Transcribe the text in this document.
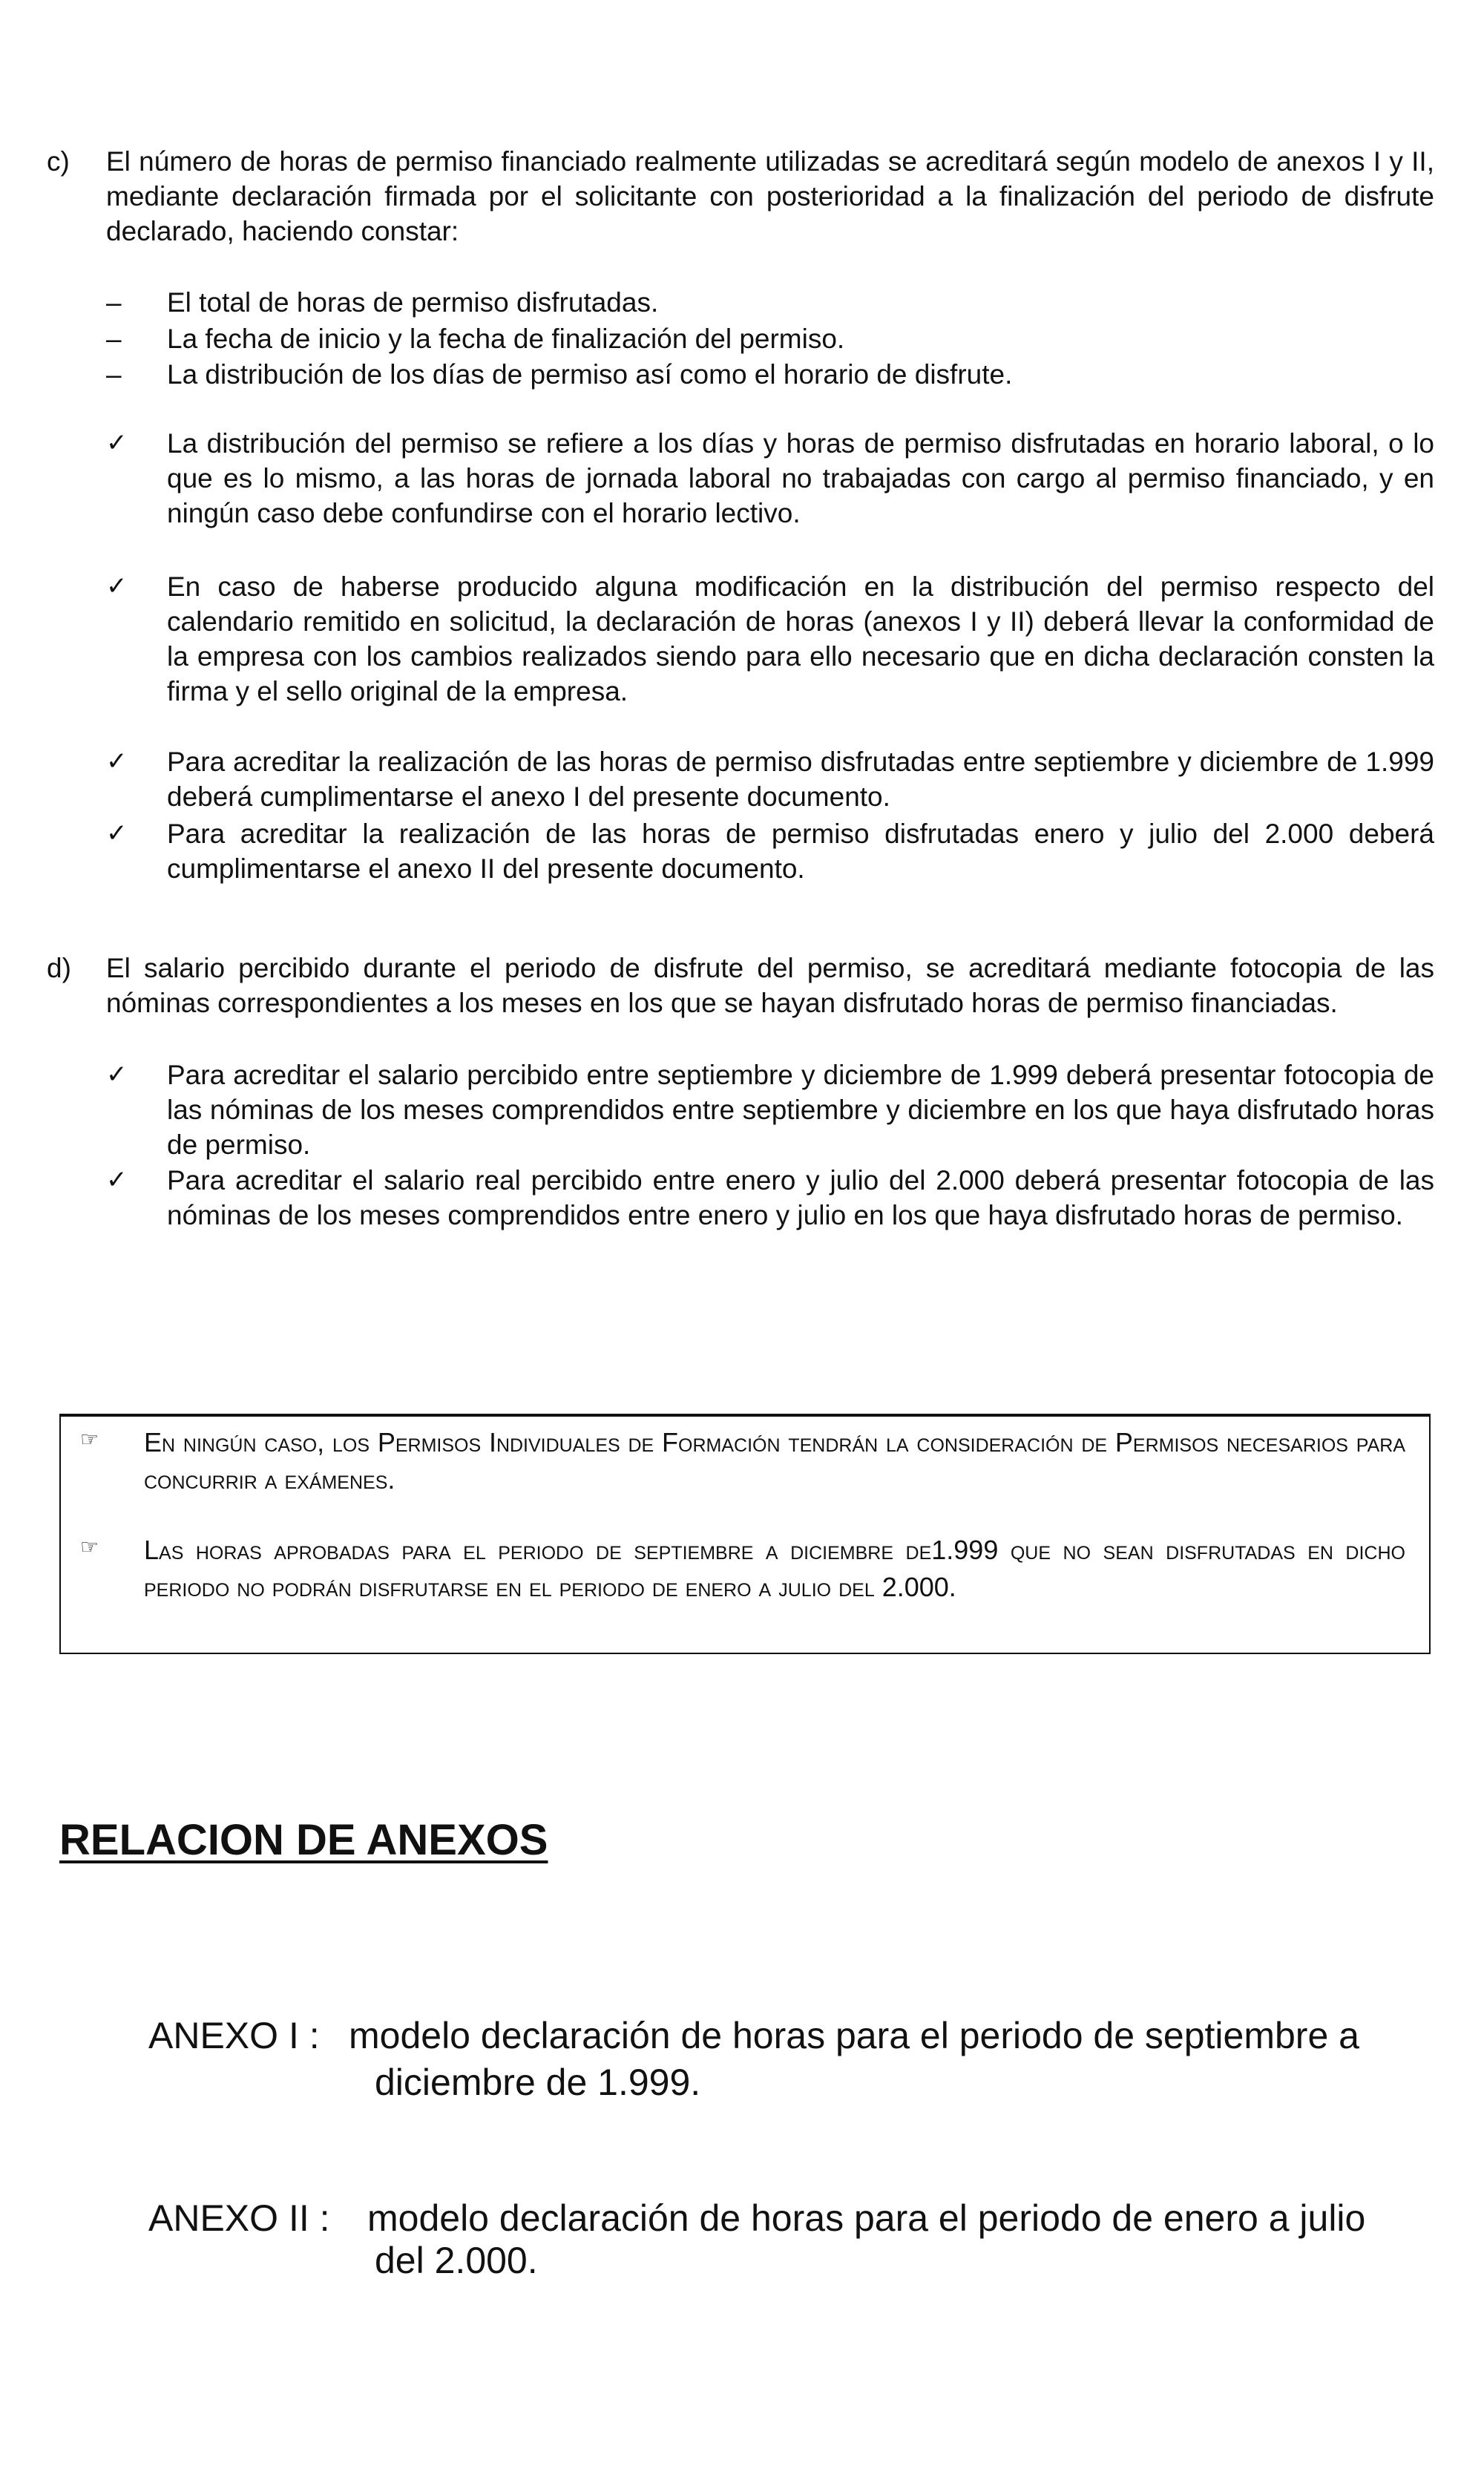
c) El número de horas de permiso financiado realmente utilizadas se acreditará según modelo de anexos I y II, mediante declaración firmada por el solicitante con posterioridad a la finalización del periodo de disfrute declarado, haciendo constar:
– El total de horas de permiso disfrutadas.
– La fecha de inicio y la fecha de finalización del permiso.
– La distribución de los días de permiso así como el horario de disfrute.
✓ La distribución del permiso se refiere a los días y horas de permiso disfrutadas en horario laboral, o lo que es lo mismo, a las horas de jornada laboral no trabajadas con cargo al permiso financiado, y en ningún caso debe confundirse con el horario lectivo.
✓ En caso de haberse producido alguna modificación en la distribución del permiso respecto del calendario remitido en solicitud, la declaración de horas (anexos I y II) deberá llevar la conformidad de la empresa con los cambios realizados siendo para ello necesario que en dicha declaración consten la firma y el sello original de la empresa.
✓ Para acreditar la realización de las horas de permiso disfrutadas entre septiembre y diciembre de 1.999 deberá cumplimentarse el anexo I del presente documento.
✓ Para acreditar la realización de las horas de permiso disfrutadas enero y julio del 2.000 deberá cumplimentarse el anexo II del presente documento.
d) El salario percibido durante el periodo de disfrute del permiso, se acreditará mediante fotocopia de las nóminas correspondientes a los meses en los que se hayan disfrutado horas de permiso financiadas.
✓ Para acreditar el salario percibido entre septiembre y diciembre de 1.999 deberá presentar fotocopia de las nóminas de los meses comprendidos entre septiembre y diciembre en los que haya disfrutado horas de permiso.
✓ Para acreditar el salario real percibido entre enero y julio del 2.000 deberá presentar fotocopia de las nóminas de los meses comprendidos entre enero y julio en los que haya disfrutado horas de permiso.
☞ En ningún caso, los Permisos Individuales de Formación tendrán la consideración de Permisos necesarios para concurrir a exámenes.
☞ Las horas aprobadas para el periodo de septiembre a diciembre de1.999 que no sean disfrutadas en dicho periodo no podrán disfrutarse en el periodo de enero a julio del 2.000.
RELACION DE ANEXOS
ANEXO I : modelo declaración de horas para el periodo de septiembre a
diciembre de 1.999.
ANEXO II : modelo declaración de horas para el periodo de enero a julio
del 2.000.
